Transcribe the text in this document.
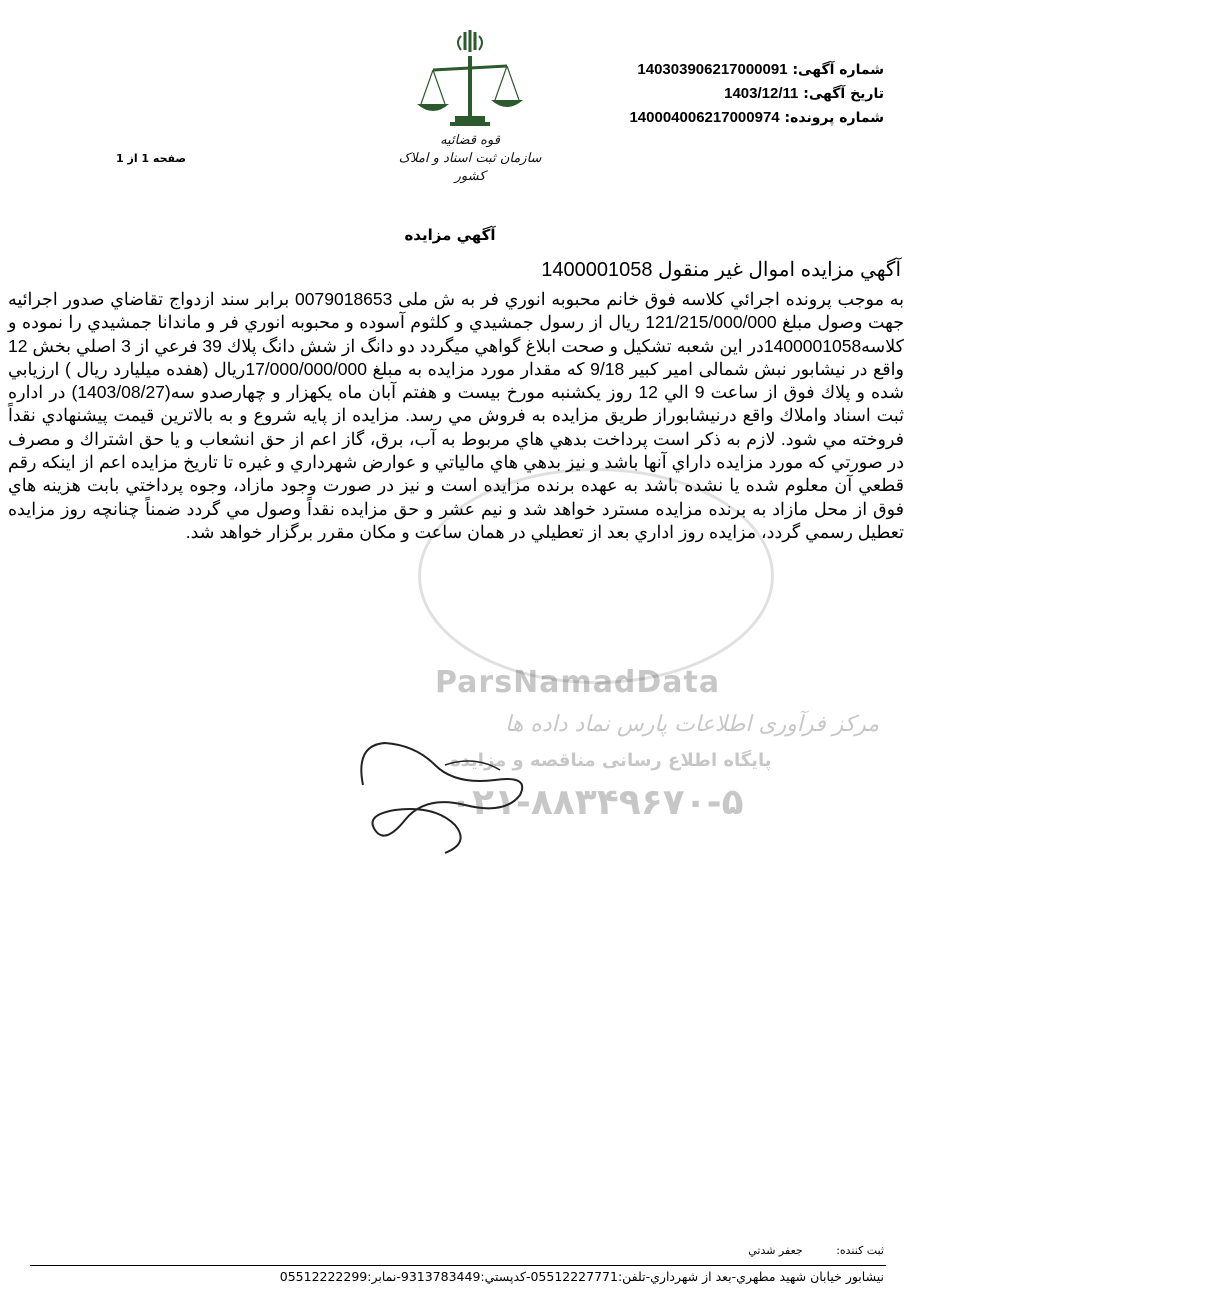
شماره آگهی: 140303906217000091
تاریخ آگهی: 1403/12/11
شماره پرونده: 140004006217000974
صفحه 1 از 1
قوه قضائیه
سازمان ثبت اسناد و املاک کشور
ParsNamadData
مرکز فرآوری اطلاعات پارس نماد داده ها
پایگاه اطلاع رسانی مناقصه و مزایده
۰۲۱-۸۸۳۴۹۶۷۰-۵
آگهي مزايده
آگهي مزايده اموال غير منقول 1400001058
به موجب پرونده اجرائي كلاسه فوق خانم محبوبه انوري فر به ش ملی 0079018653 برابر سند ازدواج تقاضاي صدور اجرائيه جهت وصول مبلغ 121/215/000/000 ريال از رسول جمشيدي و كلثوم آسوده و محبوبه انوري فر و ماندانا جمشيدي را نموده و كلاسه1400001058در اين شعبه تشكيل و صحت ابلاغ گواهي ميگردد دو دانگ از شش دانگ پلاك 39 فرعي از 3 اصلي بخش 12 واقع در نيشابور نبش شمالی امیر کبیر 9/18 كه مقدار مورد مزايده به مبلغ 17/000/000/000ريال (هفده ميليارد ريال ) ارزيابي شده و پلاك فوق از ساعت 9 الي 12 روز يكشنبه مورخ بيست و هفتم آبان ماه يكهزار و چهارصدو سه(1403/08/27) در اداره ثبت اسناد واملاك واقع درنيشابوراز طريق مزايده به فروش مي رسد. مزايده از پايه شروع و به بالاترين قيمت پيشنهادي نقداً فروخته مي شود. لازم به ذكر است پرداخت بدهي هاي مربوط به آب، برق، گاز اعم از حق انشعاب و يا حق اشتراك و مصرف در صورتي كه مورد مزايده داراي آنها باشد و نيز بدهي هاي مالياتي و عوارض شهرداري و غيره تا تاريخ مزايده اعم از اينكه رقم قطعي آن معلوم شده يا نشده باشد به عهده برنده مزايده است و نيز در صورت وجود مازاد، وجوه پرداختي بابت هزينه هاي فوق از محل مازاد به برنده مزايده مسترد خواهد شد و نيم عشر و حق مزايده نقداً وصول مي گردد ضمناً چنانچه روز مزايده تعطيل رسمي گردد، مزايده روز اداري بعد از تعطيلي در همان ساعت و مكان مقرر برگزار خواهد شد.
ثبت كننده: جعفر شدتي
نيشابور خيابان شهيد مطهري-بعد از شهرداري-تلفن:05512227771-كدپستي:9313783449-نمابر:05512222299
